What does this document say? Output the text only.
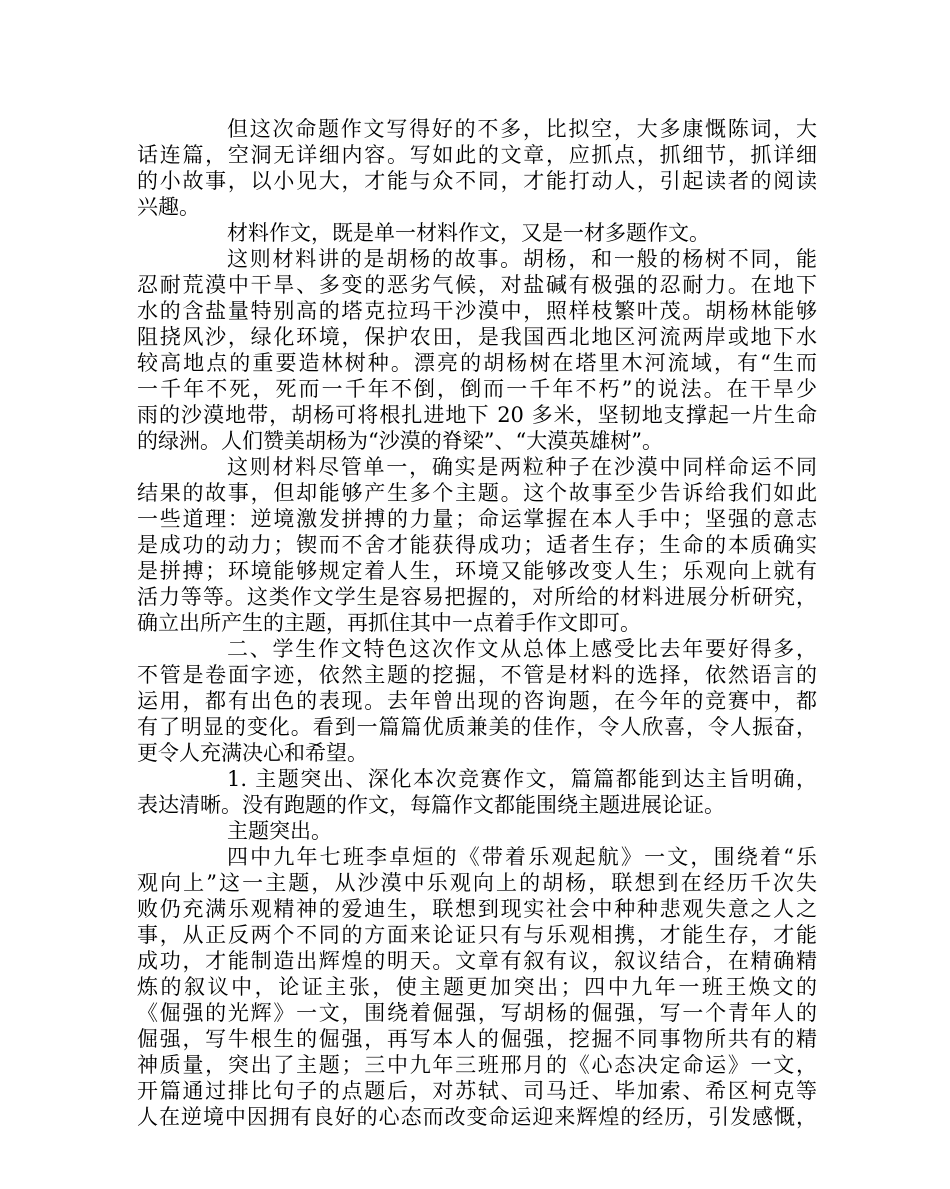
但这次命题作文写得好的不多，比拟空，大多康慨陈词，大
话连篇，空洞无详细内容。写如此的文章，应抓点，抓细节，抓详细
的小故事，以小见大，才能与众不同，才能打动人，引起读者的阅读
兴趣。
材料作文，既是单一材料作文，又是一材多题作文。
这则材料讲的是胡杨的故事。胡杨，和一般的杨树不同，能
忍耐荒漠中干旱、多变的恶劣气候，对盐碱有极强的忍耐力。在地下
水的含盐量特别高的塔克拉玛干沙漠中，照样枝繁叶茂。胡杨林能够
阻挠风沙，绿化环境，保护农田，是我国西北地区河流两岸或地下水
较高地点的重要造林树种。漂亮的胡杨树在塔里木河流域，有“生而
一千年不死，死而一千年不倒，倒而一千年不朽”的说法。在干旱少
雨的沙漠地带，胡杨可将根扎进地下 20 多米，坚韧地支撑起一片生命
的绿洲。人们赞美胡杨为“沙漠的脊梁”、“大漠英雄树”。
这则材料尽管单一，确实是两粒种子在沙漠中同样命运不同
结果的故事，但却能够产生多个主题。这个故事至少告诉给我们如此
一些道理：逆境激发拼搏的力量；命运掌握在本人手中；坚强的意志
是成功的动力；锲而不舍才能获得成功；适者生存；生命的本质确实
是拼搏；环境能够规定着人生，环境又能够改变人生；乐观向上就有
活力等等。这类作文学生是容易把握的，对所给的材料进展分析研究，
确立出所产生的主题，再抓住其中一点着手作文即可。
二、学生作文特色这次作文从总体上感受比去年要好得多，
不管是卷面字迹，依然主题的挖掘，不管是材料的选择，依然语言的
运用，都有出色的表现。去年曾出现的咨询题，在今年的竞赛中，都
有了明显的变化。看到一篇篇优质兼美的佳作，令人欣喜，令人振奋，
更令人充满决心和希望。
1. 主题突出、深化本次竞赛作文，篇篇都能到达主旨明确，
表达清晰。没有跑题的作文，每篇作文都能围绕主题进展论证。
主题突出。
四中九年七班李卓烜的《带着乐观起航》一文，围绕着“乐
观向上”这一主题，从沙漠中乐观向上的胡杨，联想到在经历千次失
败仍充满乐观精神的爱迪生，联想到现实社会中种种悲观失意之人之
事，从正反两个不同的方面来论证只有与乐观相携，才能生存，才能
成功，才能制造出辉煌的明天。文章有叙有议，叙议结合，在精确精
炼的叙议中，论证主张，使主题更加突出；四中九年一班王焕文的
《倔强的光辉》一文，围绕着倔强，写胡杨的倔强，写一个青年人的
倔强，写牛根生的倔强，再写本人的倔强，挖掘不同事物所共有的精
神质量，突出了主题；三中九年三班邢月的《心态决定命运》一文，
开篇通过排比句子的点题后，对苏轼、司马迁、毕加索、希区柯克等
人在逆境中因拥有良好的心态而改变命运迎来辉煌的经历，引发感慨，
